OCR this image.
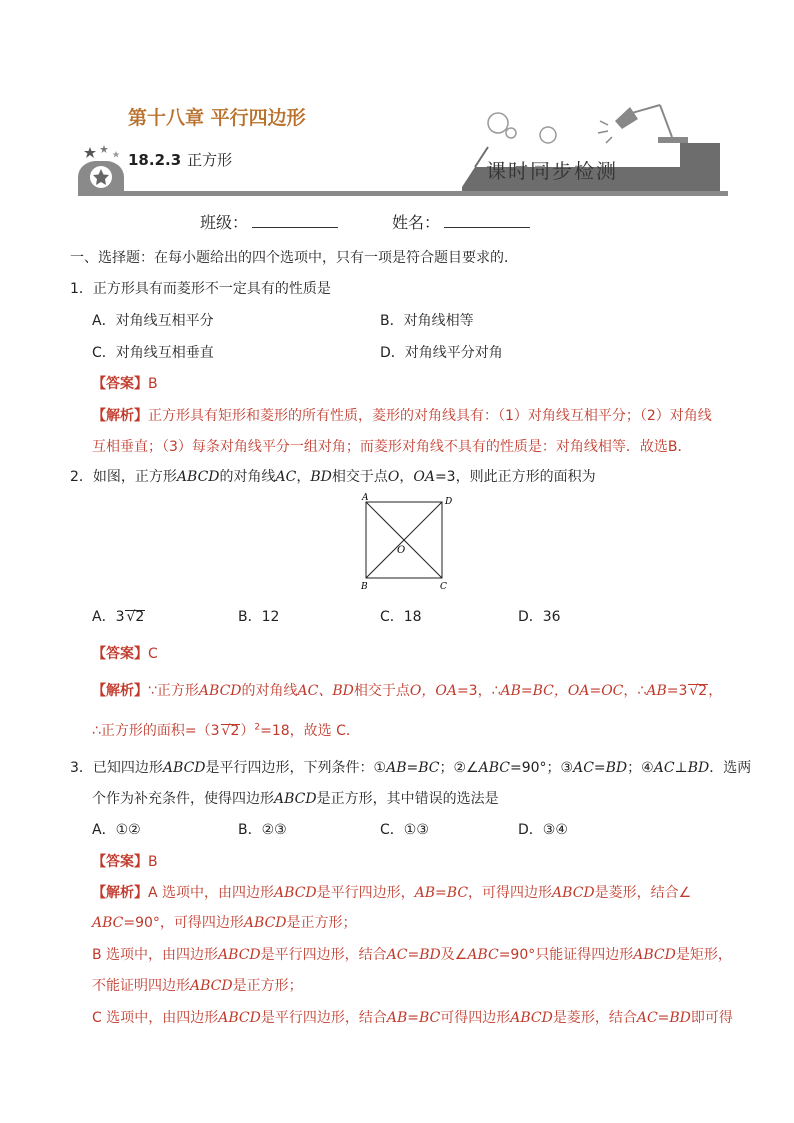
第十八章 平行四边形
18.2.3 正方形	课时同步检测
班级：	姓名：
一、选择题：在每小题给出的四个选项中，只有一项是符合题目要求的．
1．正方形具有而菱形不一定具有的性质是
A．对角线互相平分	B．对角线相等
C．对角线互相垂直	D．对角线平分对角
【答案】B
【解析】正方形具有矩形和菱形的所有性质，菱形的对角线具有：（1）对角线互相平分；（2）对角线
互相垂直；（3）每条对角线平分一组对角；而菱形对角线不具有的性质是：对角线相等．故选B．
2．如图，正方形ABCD的对角线AC，BD相交于点O，OA=3，则此正方形的面积为
A	D
B	C
O
A．3 √2	B．12	C．18	D．36
【答案】C
【解析】∵正方形ABCD的对角线AC、BD相交于点O，OA=3，∴AB=BC，OA=OC，∴AB=3 √2，
∴正方形的面积=（3 √2）$^2$=18，故选 C．
3．已知四边形ABCD是平行四边形，下列条件：①AB=BC；②∠ABC=90°；③AC=BD；④AC⊥BD．选两
个作为补充条件，使得四边形ABCD是正方形，其中错误的选法是
A．①②	B．②③	C．①③	D．③④
【答案】B
【解析】A 选项中，由四边形ABCD是平行四边形，AB=BC，可得四边形ABCD是菱形，结合∠
ABC=90°，可得四边形ABCD是正方形；
B 选项中，由四边形ABCD是平行四边形，结合AC=BD及∠ABC=90°只能证得四边形ABCD是矩形，
不能证明四边形ABCD是正方形；
C 选项中，由四边形ABCD是平行四边形，结合AB=BC可得四边形ABCD是菱形，结合AC=BD即可得
